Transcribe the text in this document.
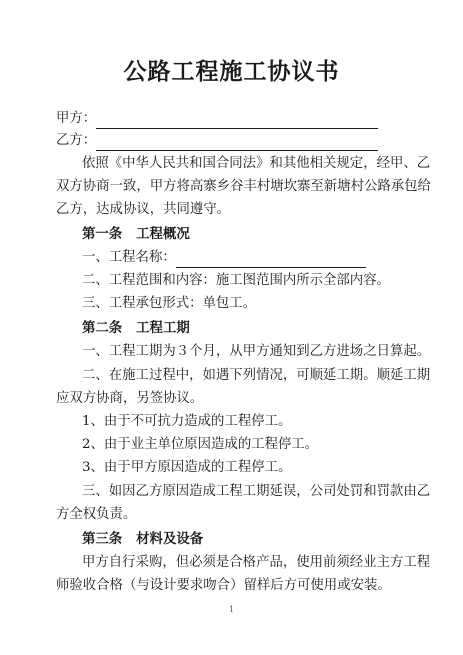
公路工程施工协议书
甲方：
乙方：
依照《中华人民共和国合同法》和其他相关规定，经甲、乙
双方协商一致，甲方将高寨乡谷丰村塘坎寨至新塘村公路承包给
乙方，达成协议，共同遵守。
第一条 工程概况
一、工程名称：
二、工程范围和内容：施工图范围内所示全部内容。
三、工程承包形式：单包工。
第二条 工程工期
一、工程工期为３个月，从甲方通知到乙方进场之日算起。
二、在施工过程中，如遇下列情况，可顺延工期。顺延工期
应双方协商，另签协议。
1、由于不可抗力造成的工程停工。
2、由于业主单位原因造成的工程停工。
3、由于甲方原因造成的工程停工。
三、如因乙方原因造成工程工期延误，公司处罚和罚款由乙
方全权负责。
第三条 材料及设备
甲方自行采购，但必须是合格产品，使用前须经业主方工程
师验收合格（与设计要求吻合）留样后方可使用或安装。
1
